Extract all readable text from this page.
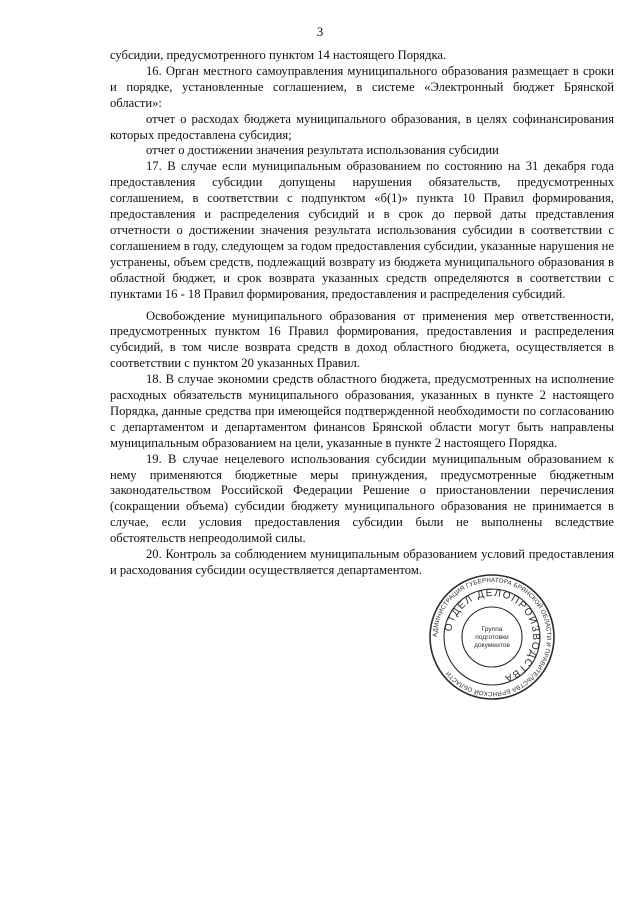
3

субсидии, предусмотренного пунктом 14 настоящего Порядка.

16. Орган местного самоуправления муниципального образования размещает в сроки и порядке, установленные соглашением, в системе «Электронный бюджет Брянской области»:

отчет о расходах бюджета муниципального образования, в целях софинансирования которых предоставлена субсидия;

отчет о достижении значения результата использования субсидии

17. В случае если муниципальным образованием по состоянию на 31 декабря года предоставления субсидии допущены нарушения обязательств, предусмотренных соглашением, в соответствии с подпунктом «б(1)» пункта 10 Правил формирования, предоставления и распределения субсидий и в срок до первой даты представления отчетности о достижении значения результата использования субсидии в соответствии с соглашением в году, следующем за годом предоставления субсидии, указанные нарушения не устранены, объем средств, подлежащий возврату из бюджета муниципального образования в областной бюджет, и срок возврата указанных средств определяются в соответствии с пунктами 16 - 18 Правил формирования, предоставления и распределения субсидий.

Освобождение муниципального образования от применения мер ответственности, предусмотренных пунктом 16 Правил формирования, предоставления и распределения субсидий, в том числе возврата средств в доход областного бюджета, осуществляется в соответствии с пунктом 20 указанных Правил.

18. В случае экономии средств областного бюджета, предусмотренных на исполнение расходных обязательств муниципального образования, указанных в пункте 2 настоящего Порядка, данные средства при имеющейся подтвержденной необходимости по согласованию с департаментом и департаментом финансов Брянской области могут быть направлены муниципальным образованием на цели, указанные в пункте 2 настоящего Порядка.

19. В случае нецелевого использования субсидии муниципальным образованием к нему применяются бюджетные меры принуждения, предусмотренные бюджетным законодательством Российской Федерации Решение о приостановлении перечисления (сокращении объема) субсидии бюджету муниципального образования не принимается в случае, если условия предоставления субсидии были не выполнены вследствие обстоятельств непреодолимой силы.

20. Контроль за соблюдением муниципальным образованием условий предоставления и расходования субсидии осуществляется департаментом.

АДМИНИСТРАЦИЯ ГУБЕРНАТОРА БРЯНСКОЙ ОБЛАСТИ И ПРАВИТЕЛЬСТВА БРЯНСКОЙ ОБЛАСТИ
ОТДЕЛ ДЕЛОПРОИЗВОДСТВА
Группа
подготовки
документов
